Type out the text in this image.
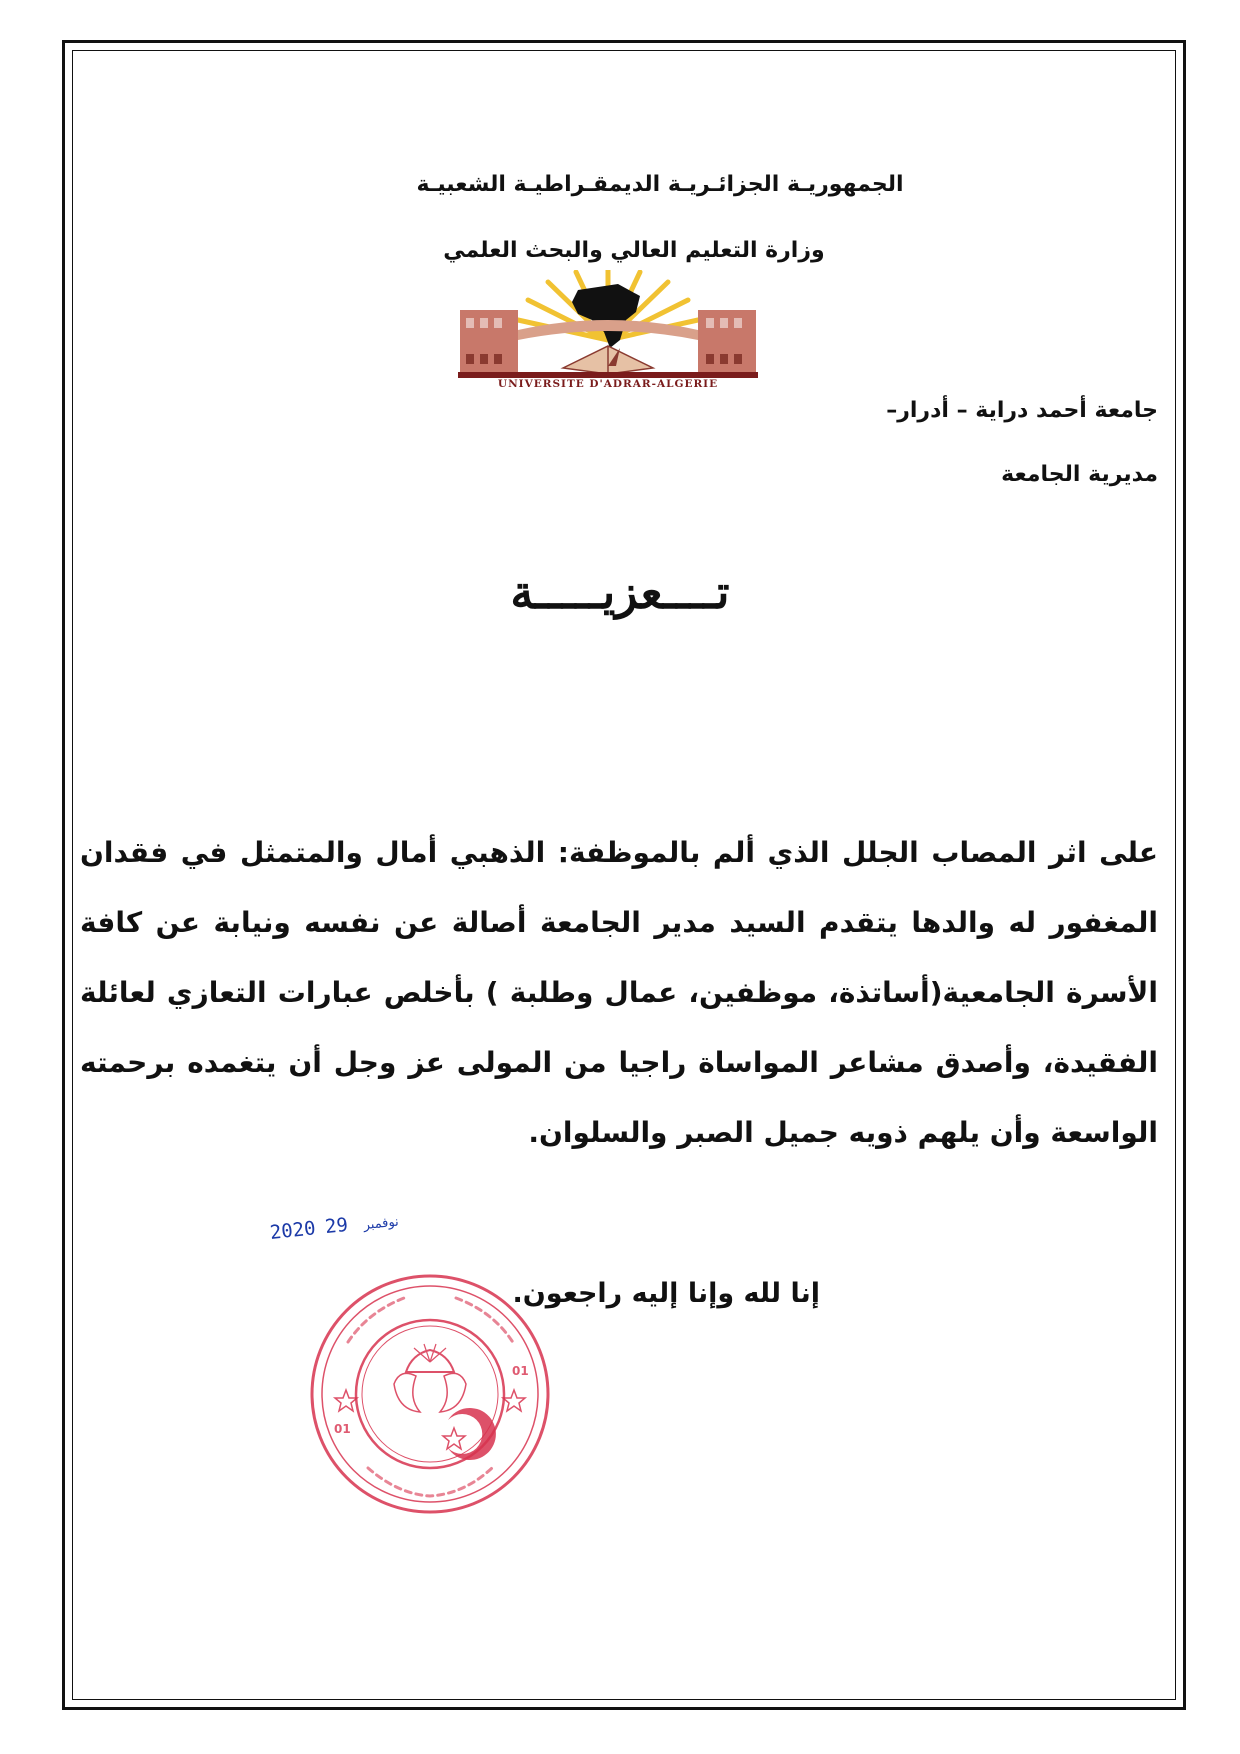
الجمهوريـة الجزائـريـة الديمقـراطيـة الشعبيـة
وزارة التعليم العالي والبحث العلمي
UNIVERSITE D'ADRAR-ALGERIE
جامعة أحمد دراية – أدرار–
مديرية الجامعة
تــــعزيـــــة
على اثر المصاب الجلل الذي ألم بالموظفة: الذهبي أمال والمتمثل في فقدان المغفور له والدها يتقدم السيد مدير الجامعة أصالة عن نفسه ونيابة عن كافة الأسرة الجامعية(أساتذة، موظفين، عمال وطلبة ) بأخلص عبارات التعازي لعائلة الفقيدة، وأصدق مشاعر المواساة راجيا من المولى عز وجل أن يتغمده برحمته الواسعة وأن يلهم ذويه جميل الصبر والسلوان.
2020	نوفمبر 29
01
01
إنا لله وإنا إليه راجعون.
